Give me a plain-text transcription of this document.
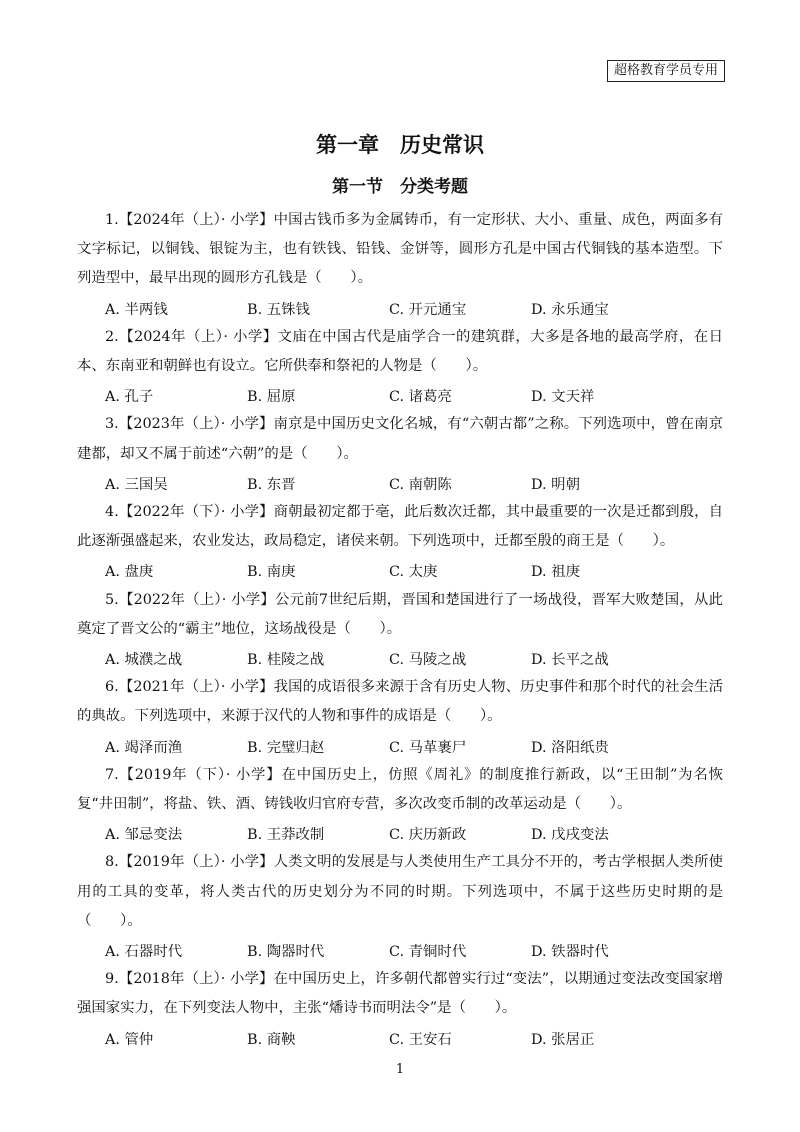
超格教育学员专用
第一章　历史常识
第一节　分类考题

1.【2024年（上）· 小学】中国古钱币多为金属铸币，有一定形状、大小、重量、成色，两面多有文字标记，以铜钱、银锭为主，也有铁钱、铅钱、金饼等，圆形方孔是中国古代铜钱的基本造型。下列造型中，最早出现的圆形方孔钱是（　　）。

A. 半两钱	B. 五铢钱	C. 开元通宝	D. 永乐通宝

2.【2024年（上）· 小学】文庙在中国古代是庙学合一的建筑群，大多是各地的最高学府，在日本、东南亚和朝鲜也有设立。它所供奉和祭祀的人物是（　　）。

A. 孔子	B. 屈原	C. 诸葛亮	D. 文天祥

3.【2023年（上）· 小学】南京是中国历史文化名城，有“六朝古都”之称。下列选项中，曾在南京建都，却又不属于前述“六朝”的是（　　）。

A. 三国吴	B. 东晋	C. 南朝陈	D. 明朝

4.【2022年（下）· 小学】商朝最初定都于亳，此后数次迁都，其中最重要的一次是迁都到殷，自此逐渐强盛起来，农业发达，政局稳定，诸侯来朝。下列选项中，迁都至殷的商王是（　　）。

A. 盘庚	B. 南庚	C. 太庚	D. 祖庚

5.【2022年（上）· 小学】公元前7世纪后期，晋国和楚国进行了一场战役，晋军大败楚国，从此奠定了晋文公的“霸主”地位，这场战役是（　　）。

A. 城濮之战	B. 桂陵之战	C. 马陵之战	D. 长平之战

6.【2021年（上）· 小学】我国的成语很多来源于含有历史人物、历史事件和那个时代的社会生活的典故。下列选项中，来源于汉代的人物和事件的成语是（　　）。

A. 竭泽而渔	B. 完璧归赵	C. 马革裹尸	D. 洛阳纸贵

7.【2019年（下）· 小学】在中国历史上，仿照《周礼》的制度推行新政，以“王田制”为名恢复“井田制”，将盐、铁、酒、铸钱收归官府专营，多次改变币制的改革运动是（　　）。

A. 邹忌变法	B. 王莽改制	C. 庆历新政	D. 戊戌变法

8.【2019年（上）· 小学】人类文明的发展是与人类使用生产工具分不开的，考古学根据人类所使用的工具的变革，将人类古代的历史划分为不同的时期。下列选项中，不属于这些历史时期的是（　　）。

A. 石器时代	B. 陶器时代	C. 青铜时代	D. 铁器时代

9.【2018年（上）· 小学】在中国历史上，许多朝代都曾实行过“变法”，以期通过变法改变国家增强国家实力，在下列变法人物中，主张“燔诗书而明法令”是（　　）。

A. 管仲	B. 商鞅	C. 王安石	D. 张居正
1
